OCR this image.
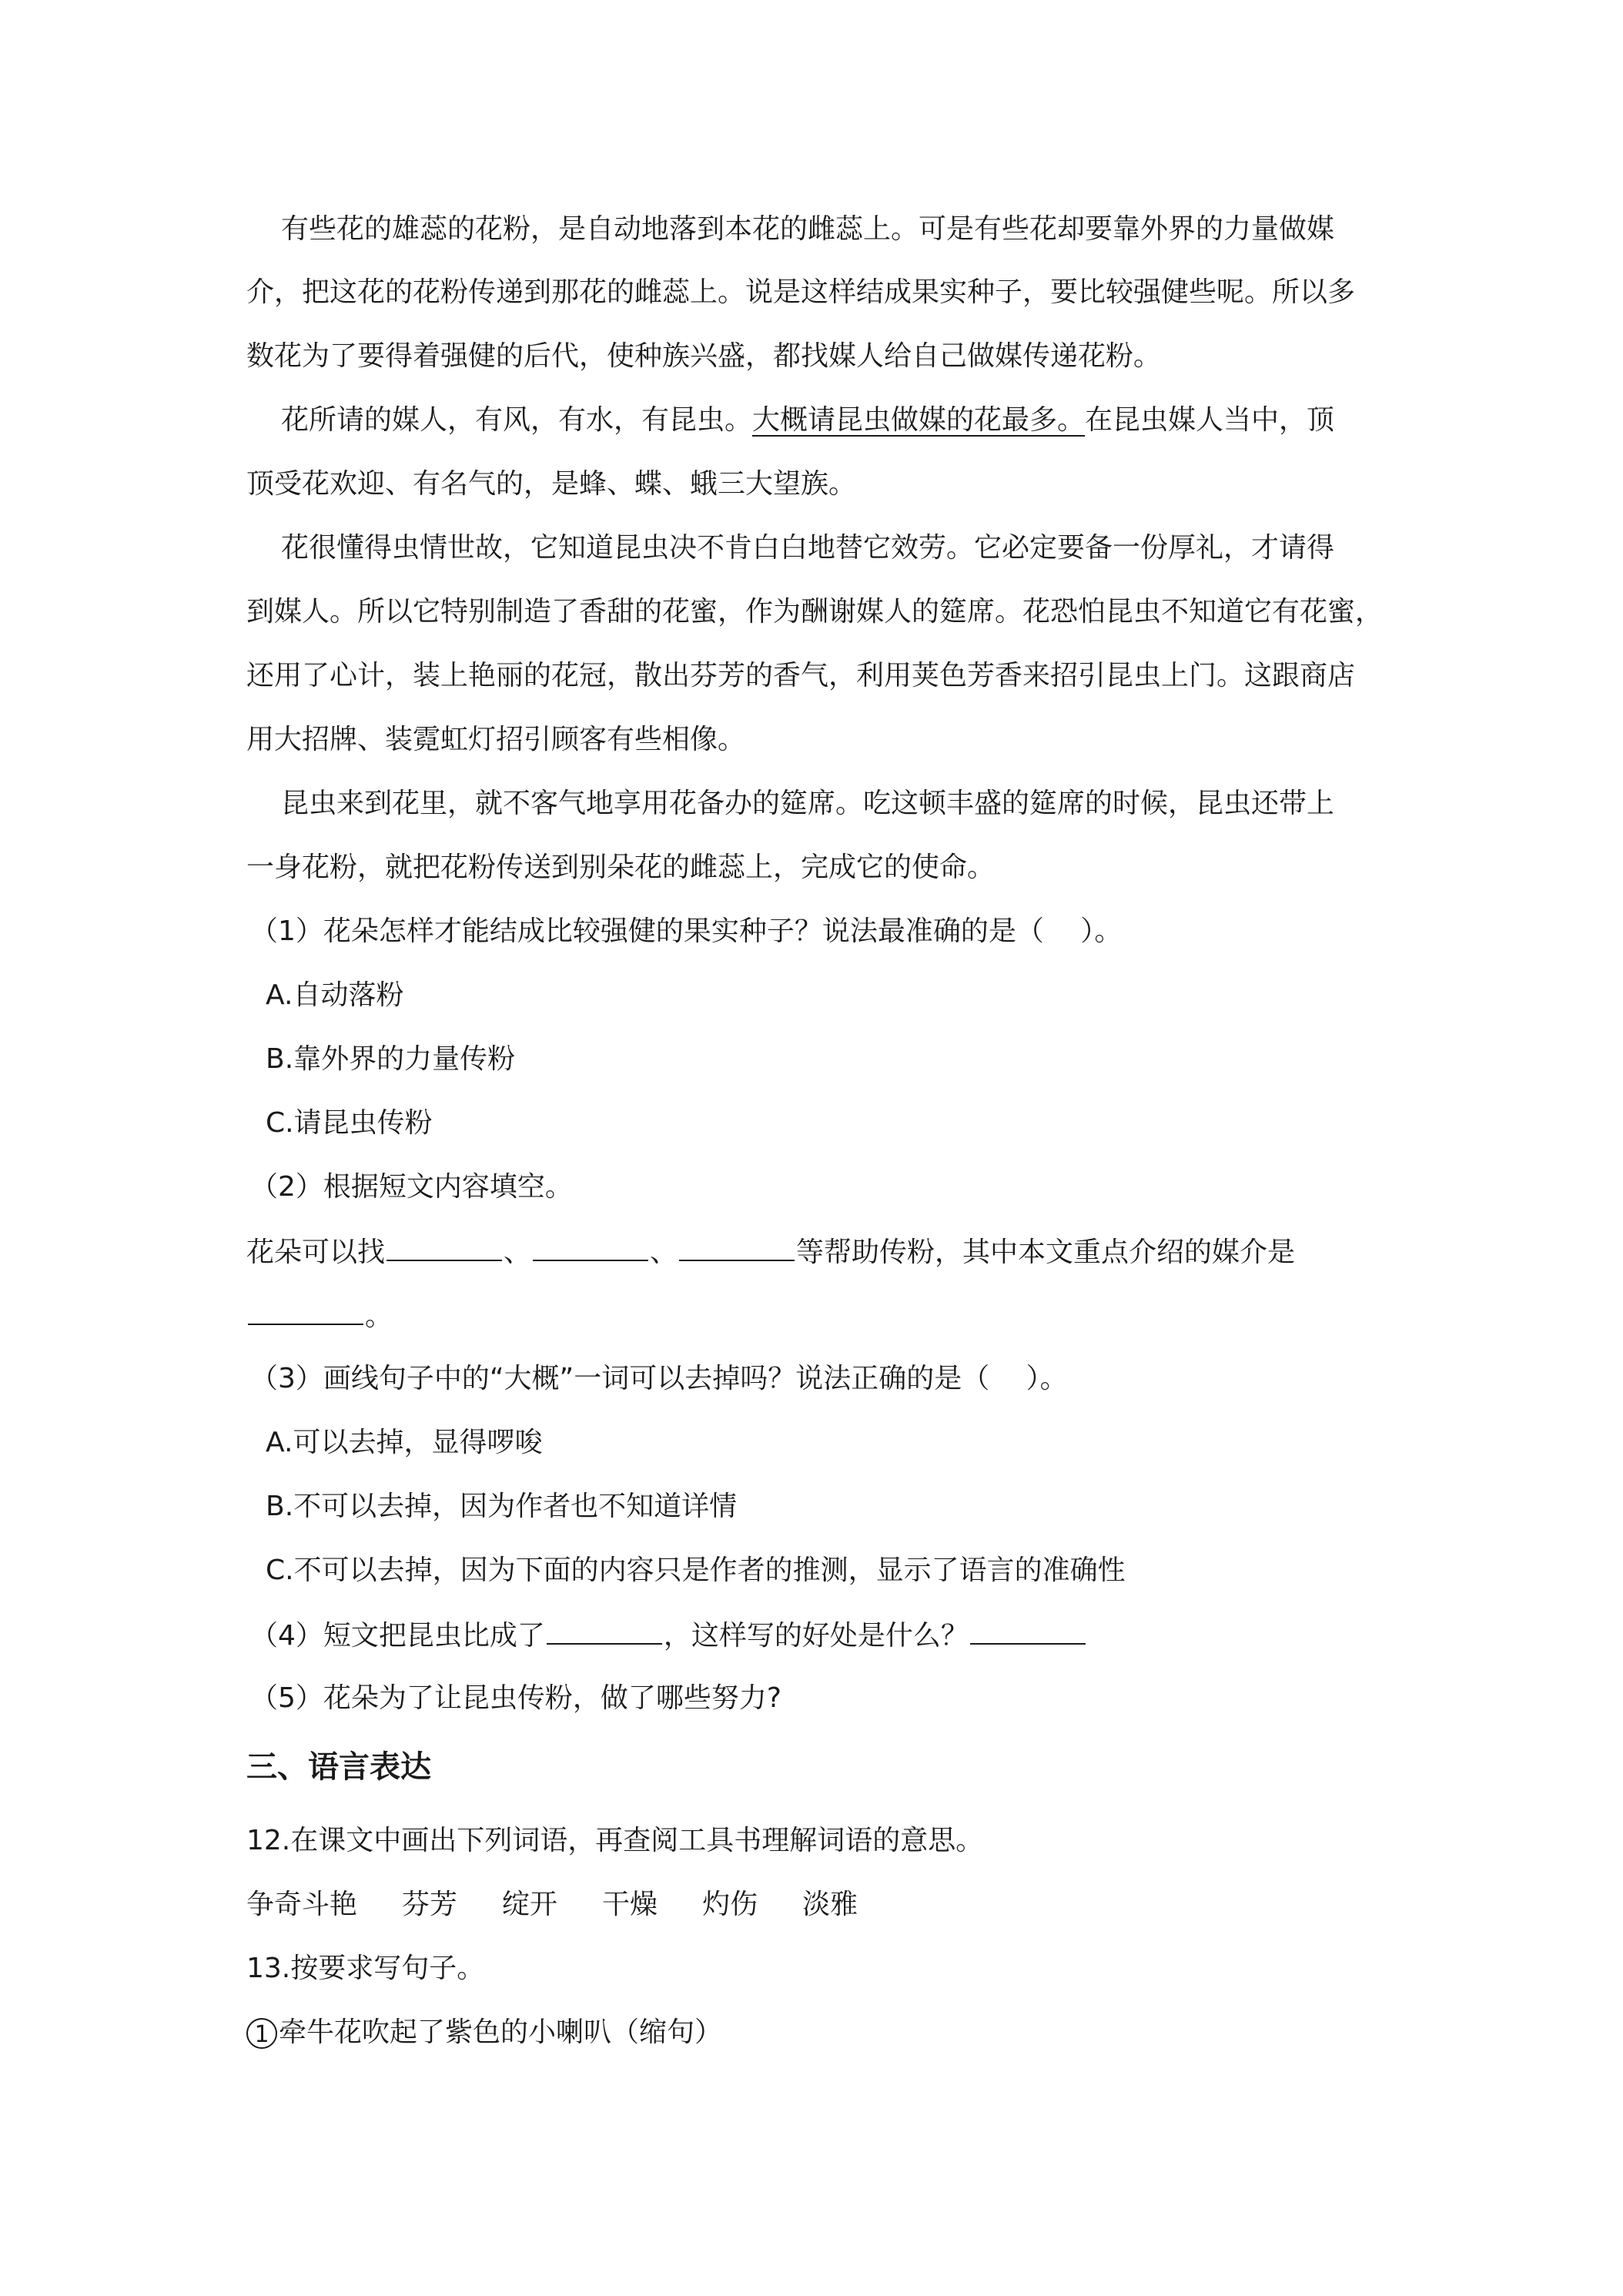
有些花的雄蕊的花粉，是自动地落到本花的雌蕊上。可是有些花却要靠外界的力量做媒
介，把这花的花粉传递到那花的雌蕊上。说是这样结成果实种子，要比较强健些呢。所以多
数花为了要得着强健的后代，使种族兴盛，都找媒人给自己做媒传递花粉。
花所请的媒人，有风，有水，有昆虫。大概请昆虫做媒的花最多。在昆虫媒人当中，顶
顶受花欢迎、有名气的，是蜂、蝶、蛾三大望族。
花很懂得虫情世故，它知道昆虫决不肯白白地替它效劳。它必定要备一份厚礼，才请得
到媒人。所以它特别制造了香甜的花蜜，作为酬谢媒人的筵席。花恐怕昆虫不知道它有花蜜，
还用了心计，装上艳丽的花冠，散出芬芳的香气，利用荚色芳香来招引昆虫上门。这跟商店
用大招牌、装霓虹灯招引顾客有些相像。
昆虫来到花里，就不客气地享用花备办的筵席。吃这顿丰盛的筵席的时候，昆虫还带上
一身花粉，就把花粉传送到别朵花的雌蕊上，完成它的使命。
（1）花朵怎样才能结成比较强健的果实种子？说法最准确的是（　 ）。
A.自动落粉
B.靠外界的力量传粉
C.请昆虫传粉
（2）根据短文内容填空。
花朵可以找	、	、	等帮助传粉，其中本文重点介绍的媒介是
。
（3）画线句子中的“大概”一词可以去掉吗？说法正确的是（　 ）。
A.可以去掉，显得啰唆
B.不可以去掉，因为作者也不知道详情
C.不可以去掉，因为下面的内容只是作者的推测，显示了语言的准确性
（4）短文把昆虫比成了	，这样写的好处是什么？
（5）花朵为了让昆虫传粉，做了哪些努力?
三、语言表达
12.在课文中画出下列词语，再查阅工具书理解词语的意思。
争奇斗艳 芬芳 绽开 干燥 灼伤 淡雅
13.按要求写句子。
1 牵牛花吹起了紫色的小喇叭（缩句）
